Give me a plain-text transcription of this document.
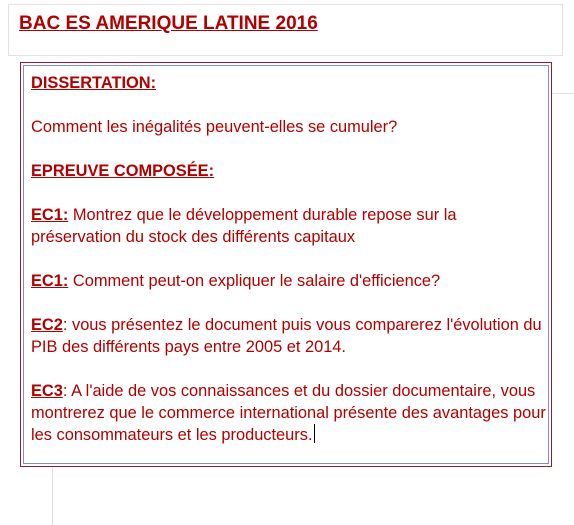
BAC ES AMERIQUE LATINE 2016

DISSERTATION:

Comment les inégalités peuvent-elles se cumuler?

EPREUVE COMPOSÉE:

EC1: Montrez que le développement durable repose sur la préservation du stock des différents capitaux

EC1: Comment peut-on expliquer le salaire d'efficience?

EC2: vous présentez le document puis vous comparerez l'évolution du PIB des différents pays entre 2005 et 2014.

EC3: A l'aide de vos connaissances et du dossier documentaire, vous montrerez que le commerce international présente des avantages pour les consommateurs et les producteurs.
